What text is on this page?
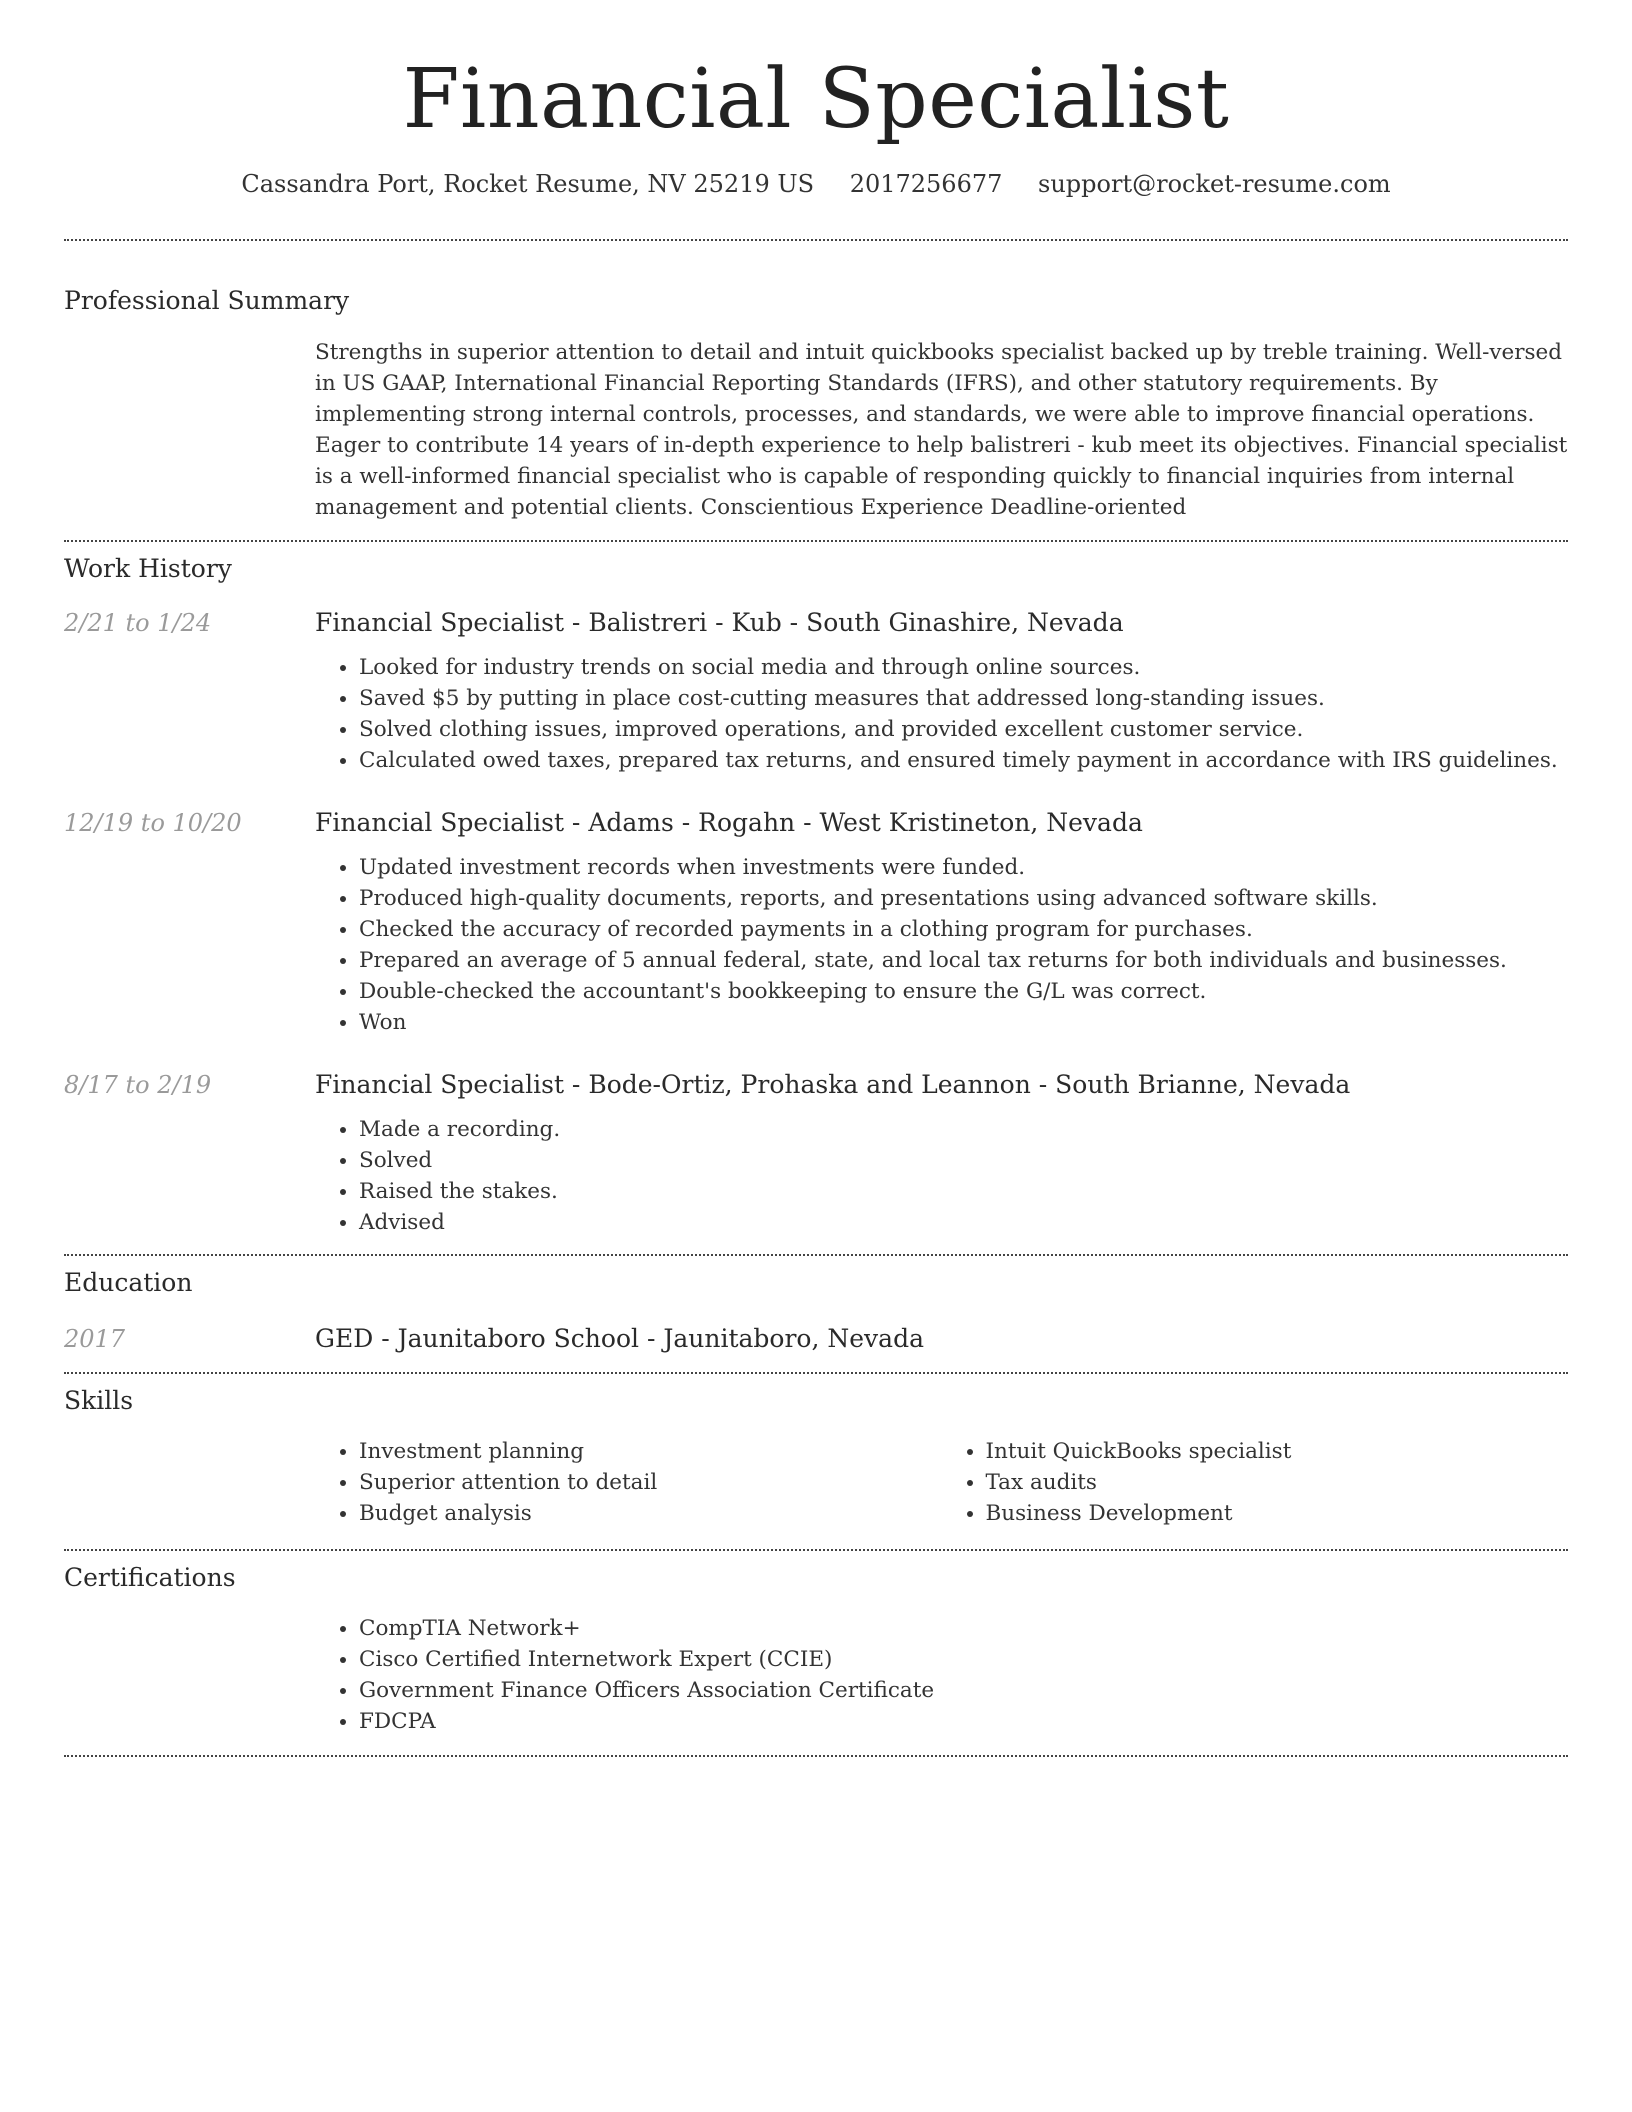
Financial Specialist
Cassandra Port, Rocket Resume, NV 25219 US 2017256677 support@rocket-resume.com
Professional Summary

Strengths in superior attention to detail and intuit quickbooks specialist backed up by treble training. Well-versed in US GAAP, International Financial Reporting Standards (IFRS), and other statutory requirements. By implementing strong internal controls, processes, and standards, we were able to improve financial operations. Eager to contribute 14 years of in-depth experience to help balistreri - kub meet its objectives. Financial specialist is a well-informed financial specialist who is capable of responding quickly to financial inquiries from internal management and potential clients. Conscientious Experience Deadline-oriented

Work History
2/21 to 1/24	Financial Specialist - Balistreri - Kub - South Ginashire, Nevada
• Looked for industry trends on social media and through online sources.
• Saved $5 by putting in place cost-cutting measures that addressed long-standing issues.
• Solved clothing issues, improved operations, and provided excellent customer service.
• Calculated owed taxes, prepared tax returns, and ensured timely payment in accordance with IRS guidelines.
12/19 to 10/20	Financial Specialist - Adams - Rogahn - West Kristineton, Nevada
• Updated investment records when investments were funded.
• Produced high-quality documents, reports, and presentations using advanced software skills.
• Checked the accuracy of recorded payments in a clothing program for purchases.
• Prepared an average of 5 annual federal, state, and local tax returns for both individuals and businesses.
• Double-checked the accountant's bookkeeping to ensure the G/L was correct.
• Won
8/17 to 2/19	Financial Specialist - Bode-Ortiz, Prohaska and Leannon - South Brianne, Nevada
• Made a recording.
• Solved
• Raised the stakes.
• Advised
Education
2017	GED - Jaunitaboro School - Jaunitaboro, Nevada
Skills
• Investment planning
• Superior attention to detail
• Budget analysis
• Intuit QuickBooks specialist
• Tax audits
• Business Development
Certifications
• CompTIA Network+
• Cisco Certified Internetwork Expert (CCIE)
• Government Finance Officers Association Certificate
• FDCPA
